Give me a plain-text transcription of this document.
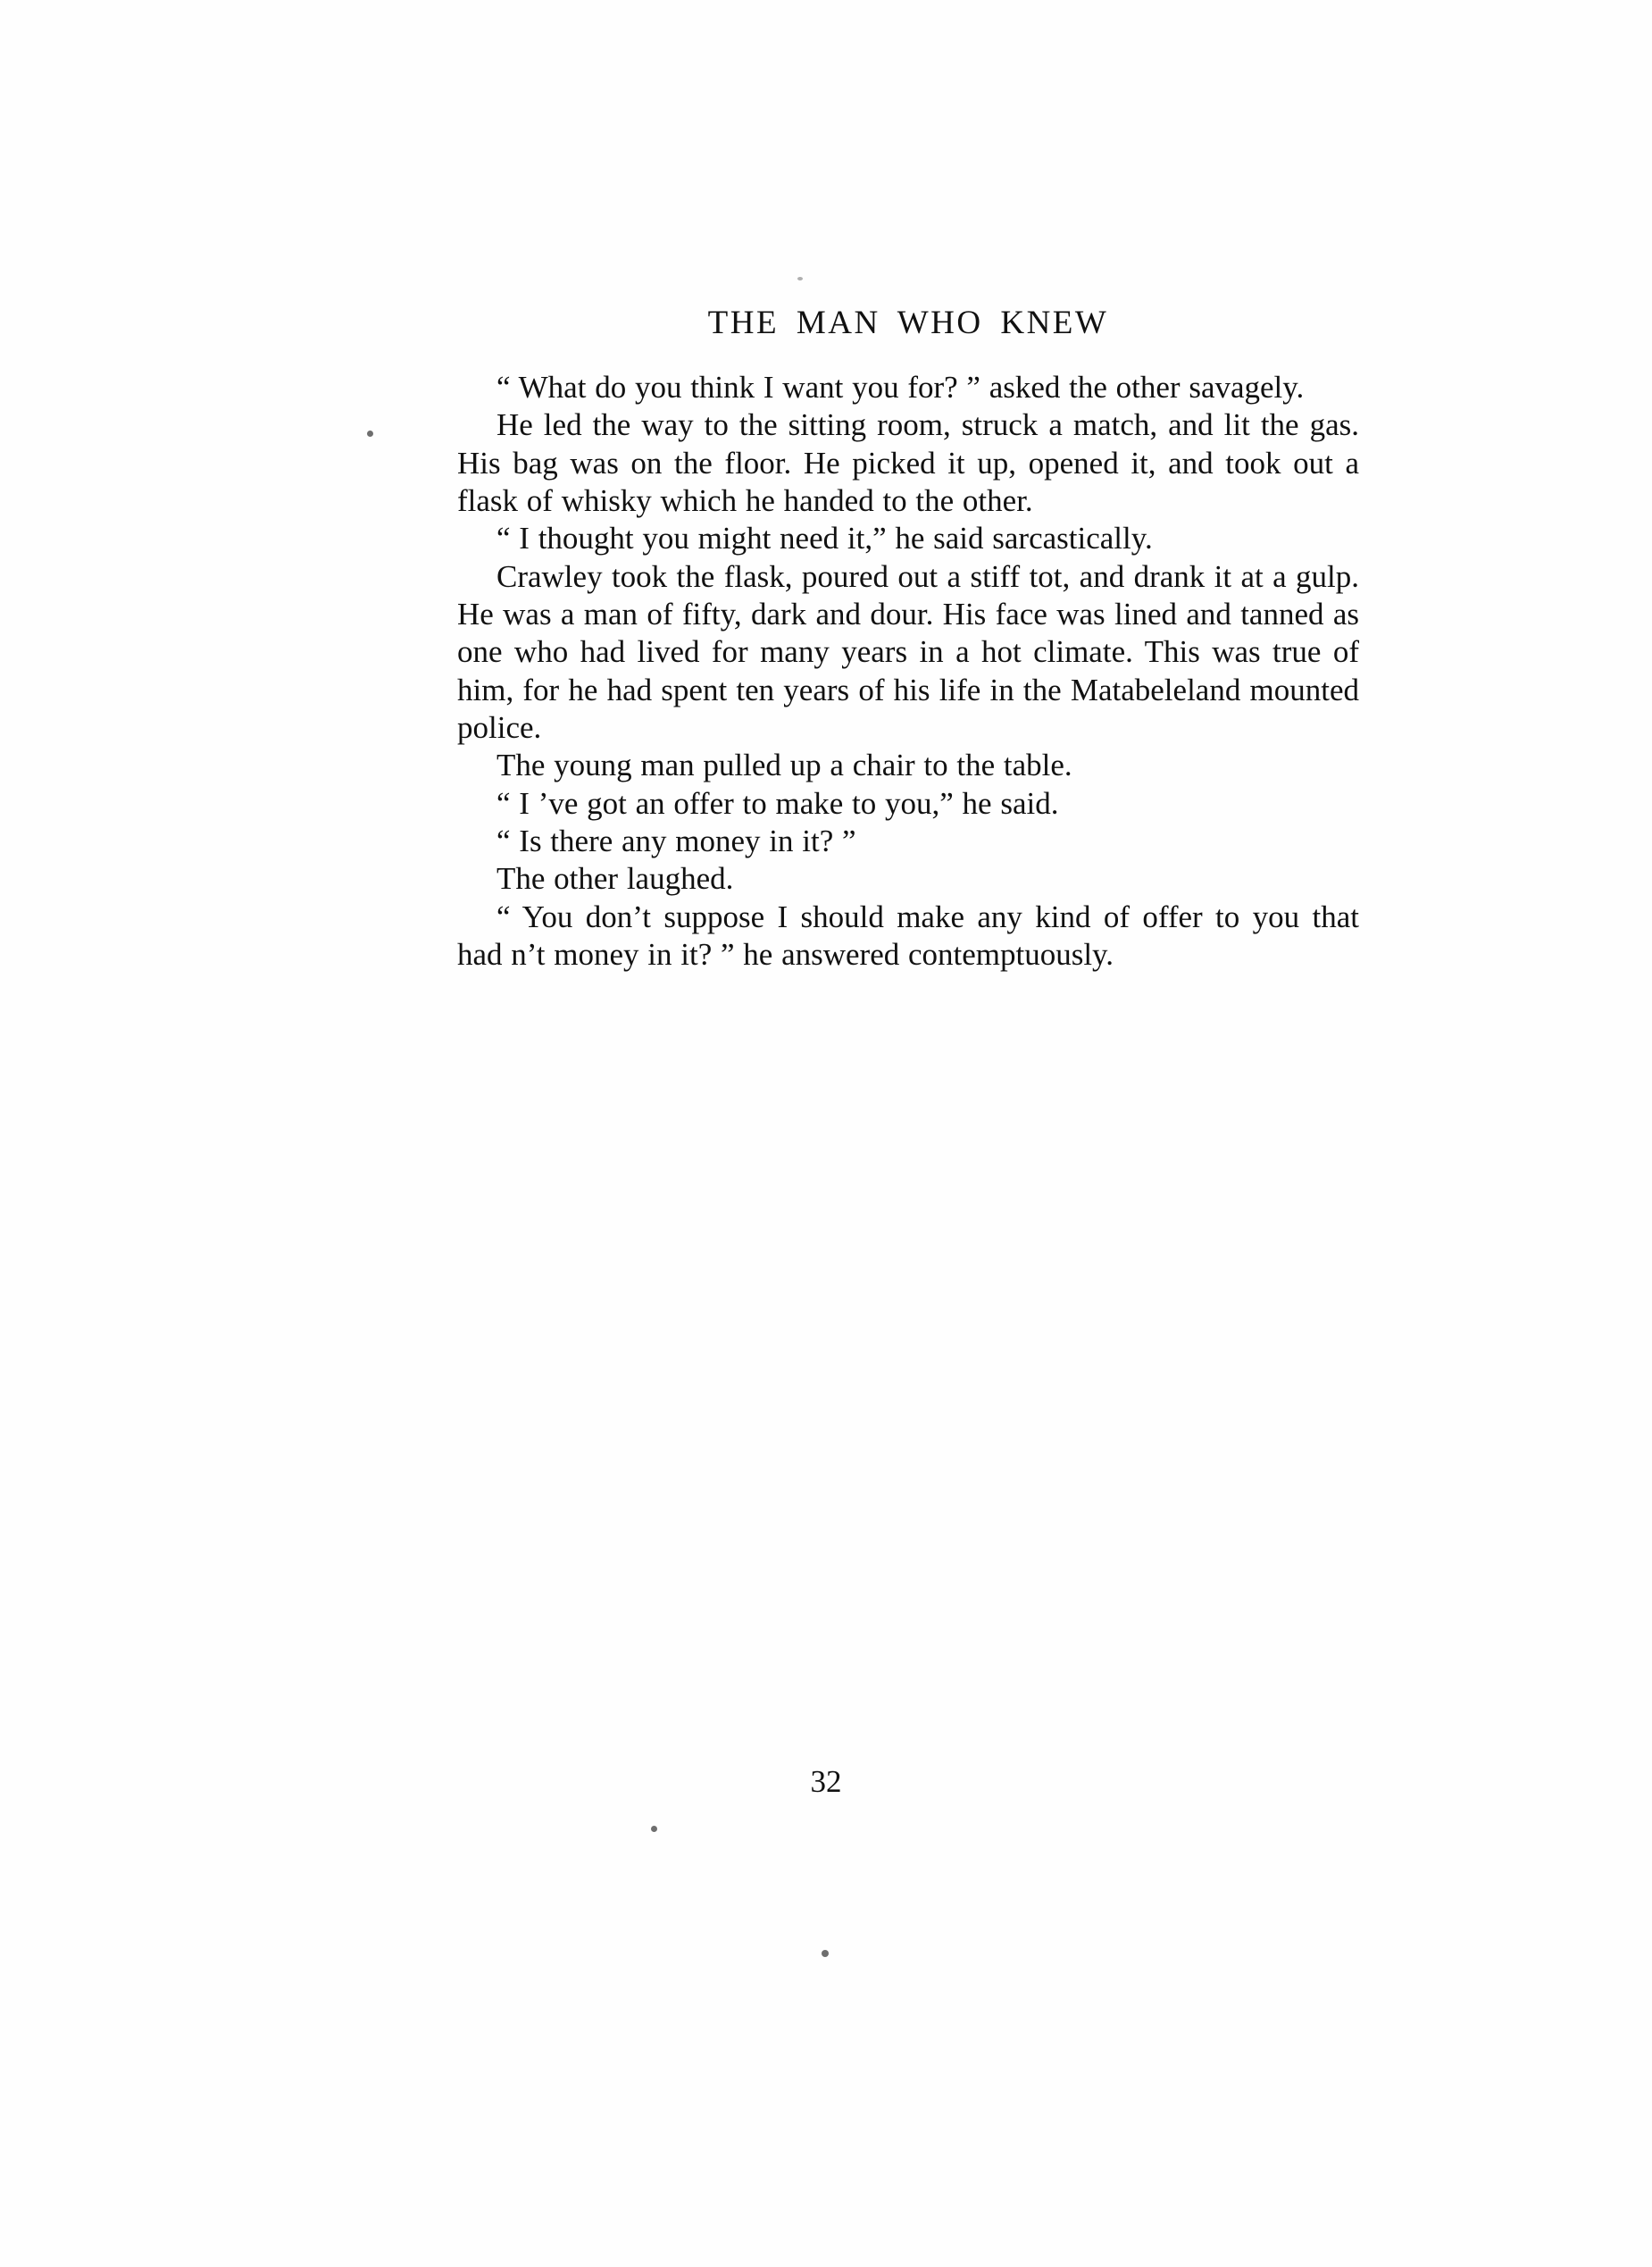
THE MAN WHO KNEW

“ What do you think I want you for? ” asked the other savagely.

He led the way to the sitting room, struck a match, and lit the gas. His bag was on the floor. He picked it up, opened it, and took out a flask of whisky which he handed to the other.

“ I thought you might need it,” he said sarcastically.

Crawley took the flask, poured out a stiff tot, and drank it at a gulp. He was a man of fifty, dark and dour. His face was lined and tanned as one who had lived for many years in a hot climate. This was true of him, for he had spent ten years of his life in the Matabeleland mounted police.

The young man pulled up a chair to the table.

“ I ’ve got an offer to make to you,” he said.

“ Is there any money in it? ”

The other laughed.

“ You don’t suppose I should make any kind of offer to you that had n’t money in it? ” he answered contemptuously.

32
